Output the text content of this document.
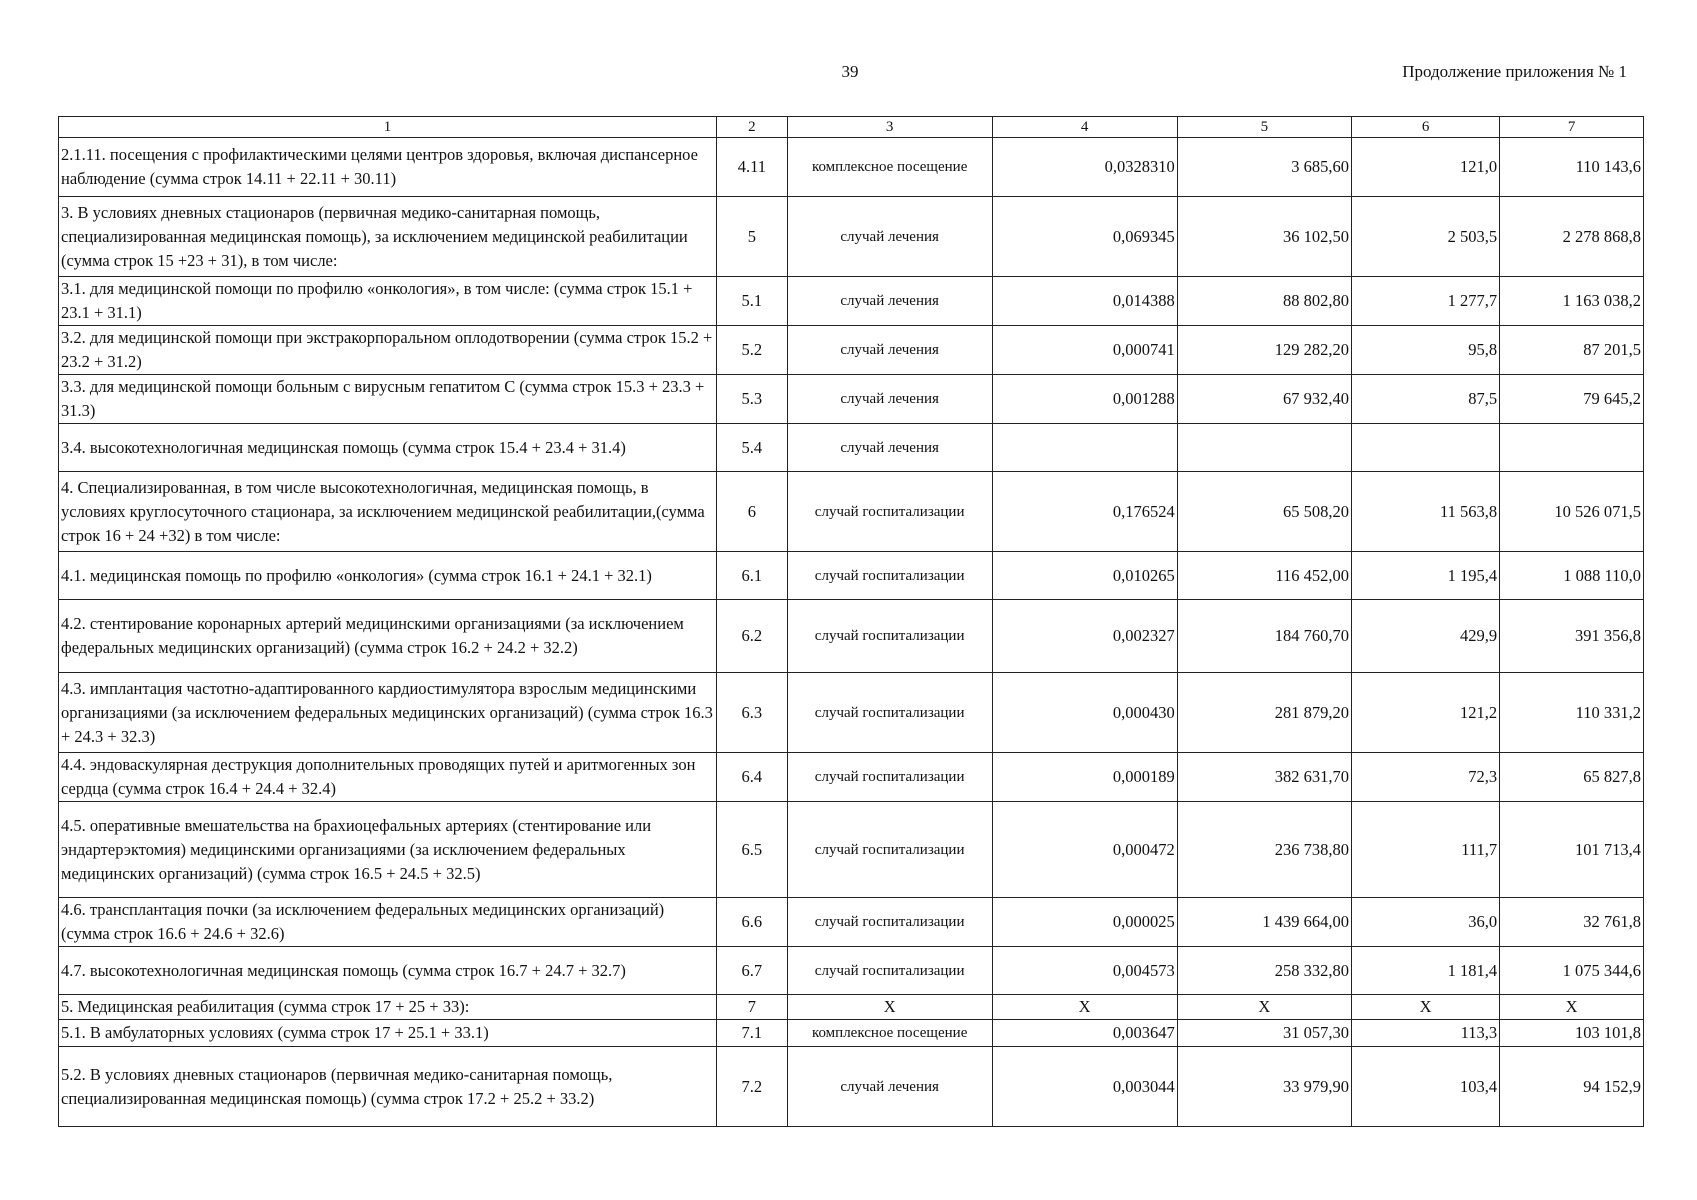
39	Продолжение приложения № 1
1	2	3	4	5	6	7
2.1.11. посещения с профилактическими целями центров здоровья, включая диспансерное наблюдение (сумма строк 14.11 + 22.11 + 30.11)	4.11	комплексное посещение	0,0328310	3 685,60	121,0	110 143,6
3. В условиях дневных стационаров (первичная медико-санитарная помощь, специализированная медицинская помощь), за исключением медицинской реабилитации (сумма строк 15 +23 + 31), в том числе:	5	случай лечения	0,069345	36 102,50	2 503,5	2 278 868,8
3.1. для медицинской помощи по профилю «онкология», в том числе: (сумма строк 15.1 + 23.1 + 31.1)	5.1	случай лечения	0,014388	88 802,80	1 277,7	1 163 038,2
3.2. для медицинской помощи при экстракорпоральном оплодотворении (сумма строк 15.2 + 23.2 + 31.2)	5.2	случай лечения	0,000741	129 282,20	95,8	87 201,5
3.3. для медицинской помощи больным с вирусным гепатитом С (сумма строк 15.3 + 23.3 + 31.3)	5.3	случай лечения	0,001288	67 932,40	87,5	79 645,2
3.4. высокотехнологичная медицинская помощь (сумма строк 15.4 + 23.4 + 31.4)	5.4	случай лечения				
4. Специализированная, в том числе высокотехнологичная, медицинская помощь, в условиях круглосуточного стационара, за исключением медицинской реабилитации,(сумма строк 16 + 24 +32) в том числе:	6	случай госпитализации	0,176524	65 508,20	11 563,8	10 526 071,5
4.1. медицинская помощь по профилю «онкология» (сумма строк 16.1 + 24.1 + 32.1)	6.1	случай госпитализации	0,010265	116 452,00	1 195,4	1 088 110,0
4.2. стентирование коронарных артерий медицинскими организациями (за исключением федеральных медицинских организаций) (сумма строк 16.2 + 24.2 + 32.2)	6.2	случай госпитализации	0,002327	184 760,70	429,9	391 356,8
4.3. имплантация частотно-адаптированного кардиостимулятора взрослым медицинскими организациями (за исключением федеральных медицинских организаций) (сумма строк 16.3 + 24.3 + 32.3)	6.3	случай госпитализации	0,000430	281 879,20	121,2	110 331,2
4.4. эндоваскулярная деструкция дополнительных проводящих путей и аритмогенных зон сердца (сумма строк 16.4 + 24.4 + 32.4)	6.4	случай госпитализации	0,000189	382 631,70	72,3	65 827,8
4.5. оперативные вмешательства на брахиоцефальных артериях (стентирование или эндартерэктомия) медицинскими организациями (за исключением федеральных медицинских организаций) (сумма строк 16.5 + 24.5 + 32.5)	6.5	случай госпитализации	0,000472	236 738,80	111,7	101 713,4
4.6. трансплантация почки (за исключением федеральных медицинских организаций) (сумма строк 16.6 + 24.6 + 32.6)	6.6	случай госпитализации	0,000025	1 439 664,00	36,0	32 761,8
4.7. высокотехнологичная медицинская помощь (сумма строк 16.7 + 24.7 + 32.7)	6.7	случай госпитализации	0,004573	258 332,80	1 181,4	1 075 344,6
5. Медицинская реабилитация (сумма строк 17 + 25 + 33):	7	Х	Х	Х	Х	Х
5.1. В амбулаторных условиях (сумма строк 17 + 25.1 + 33.1)	7.1	комплексное посещение	0,003647	31 057,30	113,3	103 101,8
5.2. В условиях дневных стационаров (первичная медико-санитарная помощь, специализированная медицинская помощь) (сумма строк 17.2 + 25.2 + 33.2)	7.2	случай лечения	0,003044	33 979,90	103,4	94 152,9
